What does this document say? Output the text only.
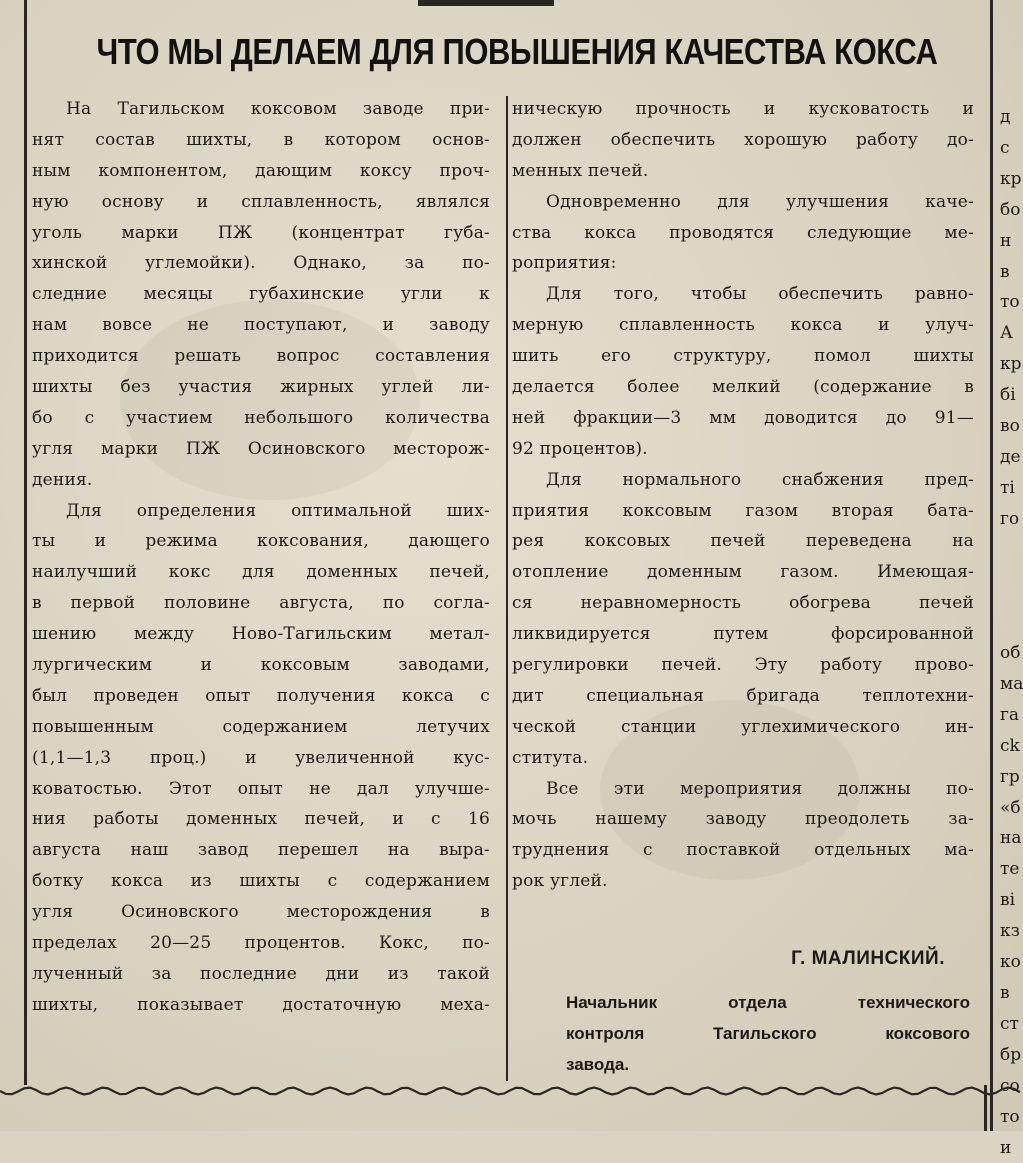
ЧТО МЫ ДЕЛАЕМ ДЛЯ ПОВЫШЕНИЯ КАЧЕСТВА КОКСА
На Тагильском коксовом заводе при-
нят состав шихты, в котором основ-
ным компонентом, дающим коксу проч-
ную основу и сплавленность, являлся
уголь марки ПЖ (концентрат губа-
хинской углемойки). Однако, за по-
следние месяцы губахинские угли к
нам вовсе не поступают, и заводу
приходится решать вопрос составления
шихты без участия жирных углей ли-
бо с участием небольшого количества
угля марки ПЖ Осиновского месторож-
дения.
Для определения оптимальной ших-
ты и режима коксования, дающего
наилучший кокс для доменных печей,
в первой половине августа, по согла-
шению между Ново-Тагильским метал-
лургическим и коксовым заводами,
был проведен опыт получения кокса с
повышенным содержанием летучих
(1,1—1,3 проц.) и увеличенной кус-
коватостью. Этот опыт не дал улучше-
ния работы доменных печей, и с 16
августа наш завод перешел на выра-
ботку кокса из шихты с содержанием
угля Осиновского месторождения в
пределах 20—25 процентов. Кокс, по-
лученный за последние дни из такой
шихты, показывает достаточную меха-
ническую прочность и кусковатость и
должен обеспечить хорошую работу до-
менных печей.
Одновременно для улучшения каче-
ства кокса проводятся следующие ме-
роприятия:
Для того, чтобы обеспечить равно-
мерную сплавленность кокса и улуч-
шить его структуру, помол шихты
делается более мелкий (содержание в
ней фракции—3 мм доводится до 91—
92 процентов).
Для нормального снабжения пред-
приятия коксовым газом вторая бата-
рея коксовых печей переведена на
отопление доменным газом. Имеющая-
ся неравномерность обогрева печей
ликвидируется путем форсированной
регулировки печей. Эту работу прово-
дит специальная бригада теплотехни-
ческой станции углехимического ин-
ститута.
Все эти мероприятия должны по-
мочь нашему заводу преодолеть за-
труднения с поставкой отдельных ма-
рок углей.
Г. МАЛИНСКИЙ.
Начальник отдела технического
контроля Тагильского коксового
завода.
д
с
кр
бо
н
в
то
А
кр
бі
во
де
ті
го
об
ма
га
ck
гр
«б
на
те
ві
кз
ко
в
ст
бр
co
то
и
